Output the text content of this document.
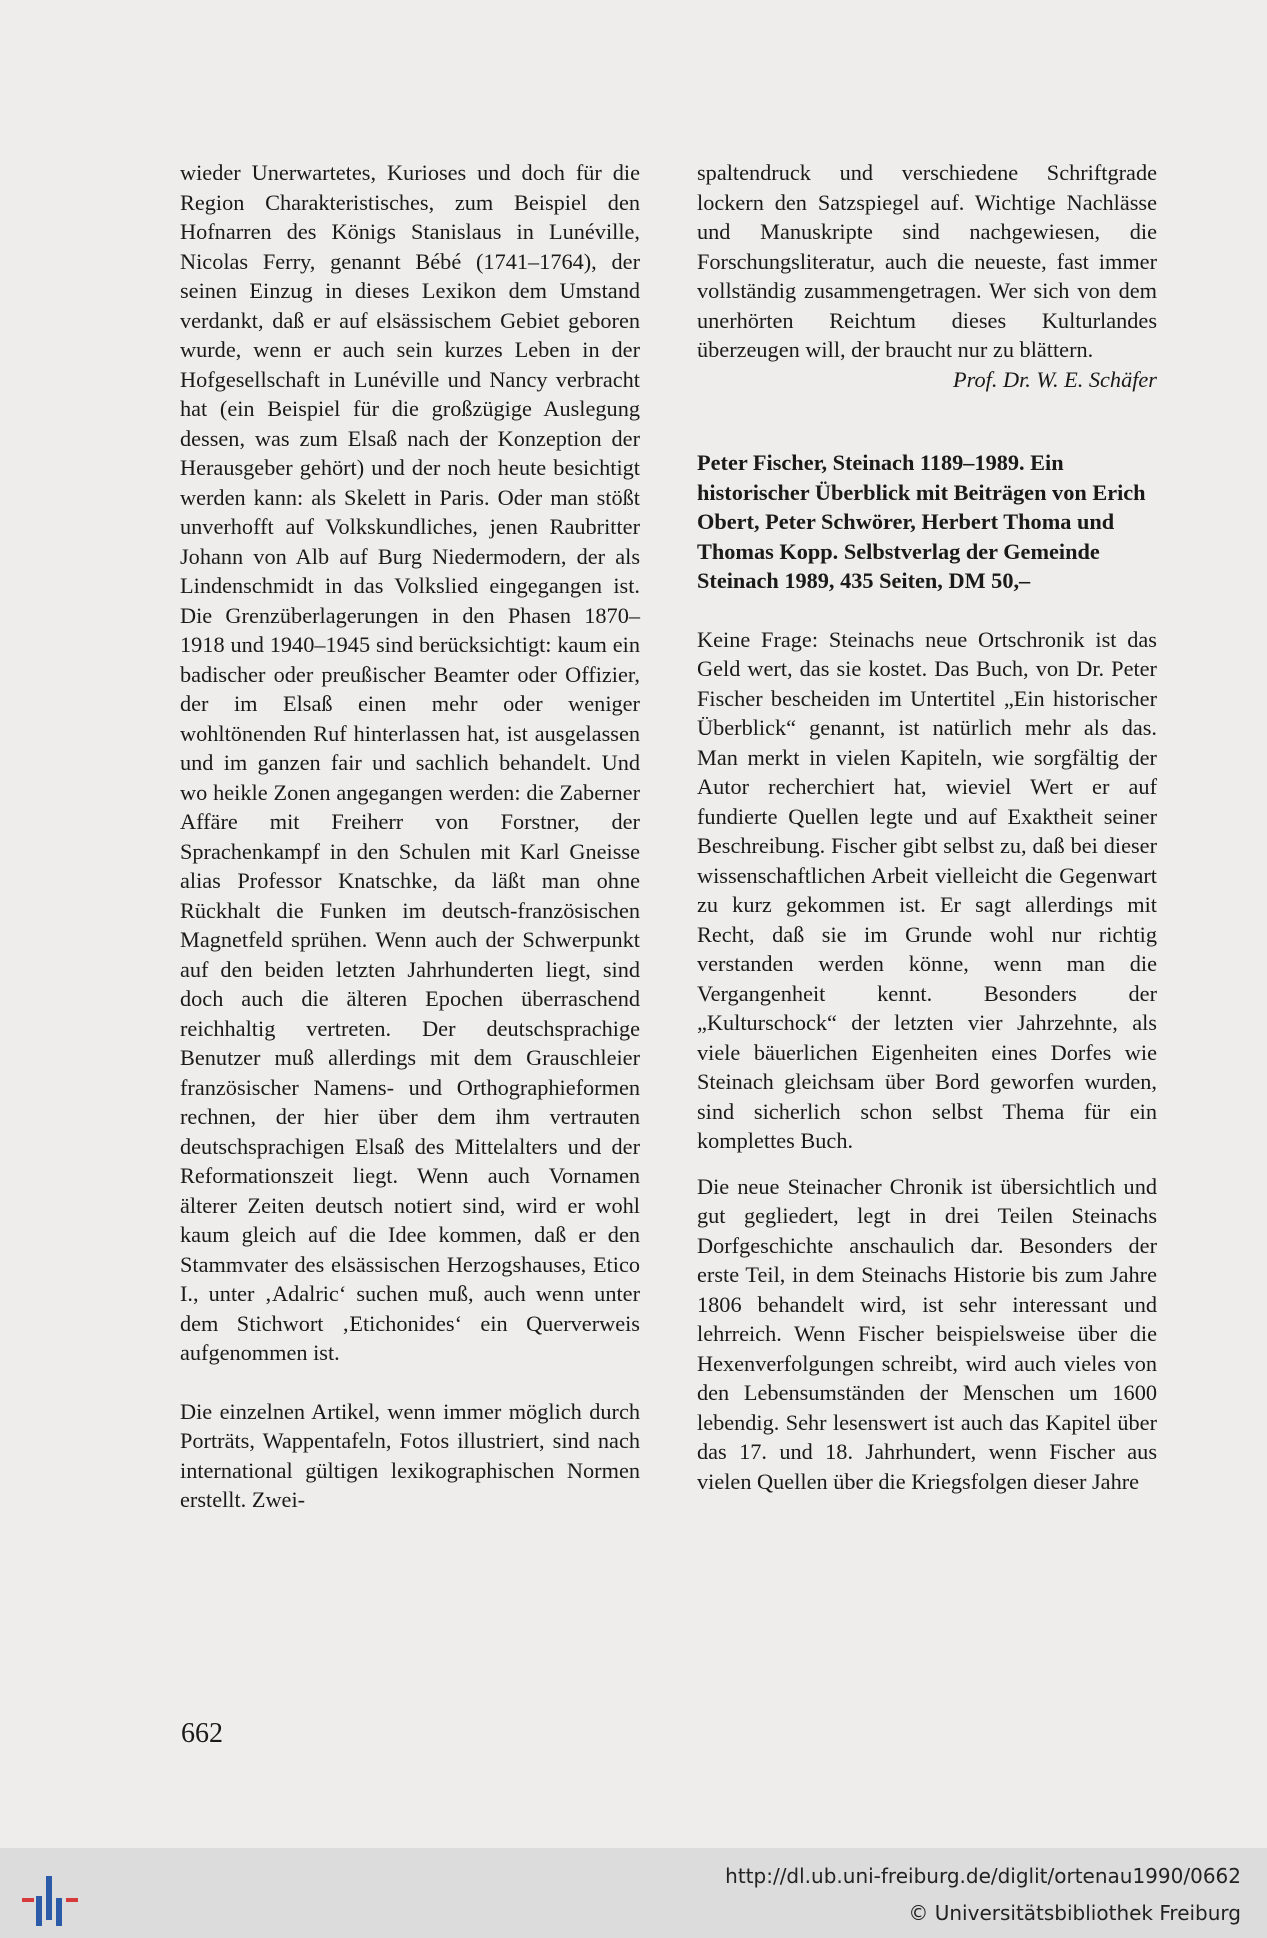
wieder Unerwartetes, Kurioses und doch für die Region Charakteristisches, zum Beispiel den Hofnarren des Königs Stanislaus in Lunéville, Nicolas Ferry, genannt Bébé (1741–1764), der seinen Einzug in dieses Lexikon dem Umstand verdankt, daß er auf elsässischem Gebiet geboren wurde, wenn er auch sein kurzes Leben in der Hofgesellschaft in Lunéville und Nancy verbracht hat (ein Beispiel für die großzügige Auslegung dessen, was zum Elsaß nach der Konzeption der Herausgeber gehört) und der noch heute besichtigt werden kann: als Skelett in Paris. Oder man stößt unverhofft auf Volkskundliches, jenen Raubritter Johann von Alb auf Burg Niedermodern, der als Lindenschmidt in das Volkslied eingegangen ist. Die Grenzüberlagerungen in den Phasen 1870–1918 und 1940–1945 sind berücksichtigt: kaum ein badischer oder preußischer Beamter oder Offizier, der im Elsaß einen mehr oder weniger wohltönenden Ruf hinterlassen hat, ist ausgelassen und im ganzen fair und sachlich behandelt. Und wo heikle Zonen angegangen werden: die Zaberner Affäre mit Freiherr von Forstner, der Sprachenkampf in den Schulen mit Karl Gneisse alias Professor Knatschke, da läßt man ohne Rückhalt die Funken im deutsch-französischen Magnetfeld sprühen. Wenn auch der Schwerpunkt auf den beiden letzten Jahrhunderten liegt, sind doch auch die älteren Epochen überraschend reichhaltig vertreten. Der deutschsprachige Benutzer muß allerdings mit dem Grauschleier französischer Namens- und Orthographieformen rechnen, der hier über dem ihm vertrauten deutschsprachigen Elsaß des Mittelalters und der Reformationszeit liegt. Wenn auch Vornamen älterer Zeiten deutsch notiert sind, wird er wohl kaum gleich auf die Idee kommen, daß er den Stammvater des elsässischen Herzogshauses, Etico I., unter ‚Adalric‘ suchen muß, auch wenn unter dem Stichwort ‚Etichonides‘ ein Querverweis aufgenommen ist.

Die einzelnen Artikel, wenn immer möglich durch Porträts, Wappentafeln, Fotos illustriert, sind nach international gültigen lexikographischen Normen erstellt. Zwei-

spaltendruck und verschiedene Schriftgrade lockern den Satzspiegel auf. Wichtige Nachlässe und Manuskripte sind nachgewiesen, die Forschungsliteratur, auch die neueste, fast immer vollständig zusammengetragen. Wer sich von dem unerhörten Reichtum dieses Kulturlandes überzeugen will, der braucht nur zu blättern.

Prof. Dr. W. E. Schäfer

Peter Fischer, Steinach 1189–1989. Ein historischer Überblick mit Beiträgen von Erich Obert, Peter Schwörer, Herbert Thoma und Thomas Kopp. Selbstverlag der Gemeinde Steinach 1989, 435 Seiten, DM 50,–

Keine Frage: Steinachs neue Ortschronik ist das Geld wert, das sie kostet. Das Buch, von Dr. Peter Fischer bescheiden im Untertitel „Ein historischer Überblick“ genannt, ist natürlich mehr als das. Man merkt in vielen Kapiteln, wie sorgfältig der Autor recherchiert hat, wieviel Wert er auf fundierte Quellen legte und auf Exaktheit seiner Beschreibung. Fischer gibt selbst zu, daß bei dieser wissenschaftlichen Arbeit vielleicht die Gegenwart zu kurz gekommen ist. Er sagt allerdings mit Recht, daß sie im Grunde wohl nur richtig verstanden werden könne, wenn man die Vergangenheit kennt. Besonders der „Kulturschock“ der letzten vier Jahrzehnte, als viele bäuerlichen Eigenheiten eines Dorfes wie Steinach gleichsam über Bord geworfen wurden, sind sicherlich schon selbst Thema für ein komplettes Buch.

Die neue Steinacher Chronik ist übersichtlich und gut gegliedert, legt in drei Teilen Steinachs Dorfgeschichte anschaulich dar. Besonders der erste Teil, in dem Steinachs Historie bis zum Jahre 1806 behandelt wird, ist sehr interessant und lehrreich. Wenn Fischer beispielsweise über die Hexenverfolgungen schreibt, wird auch vieles von den Lebensumständen der Menschen um 1600 lebendig. Sehr lesenswert ist auch das Kapitel über das 17. und 18. Jahrhundert, wenn Fischer aus vielen Quellen über die Kriegsfolgen dieser Jahre

662
http://dl.ub.uni-freiburg.de/diglit/ortenau1990/0662
© Universitätsbibliothek Freiburg
